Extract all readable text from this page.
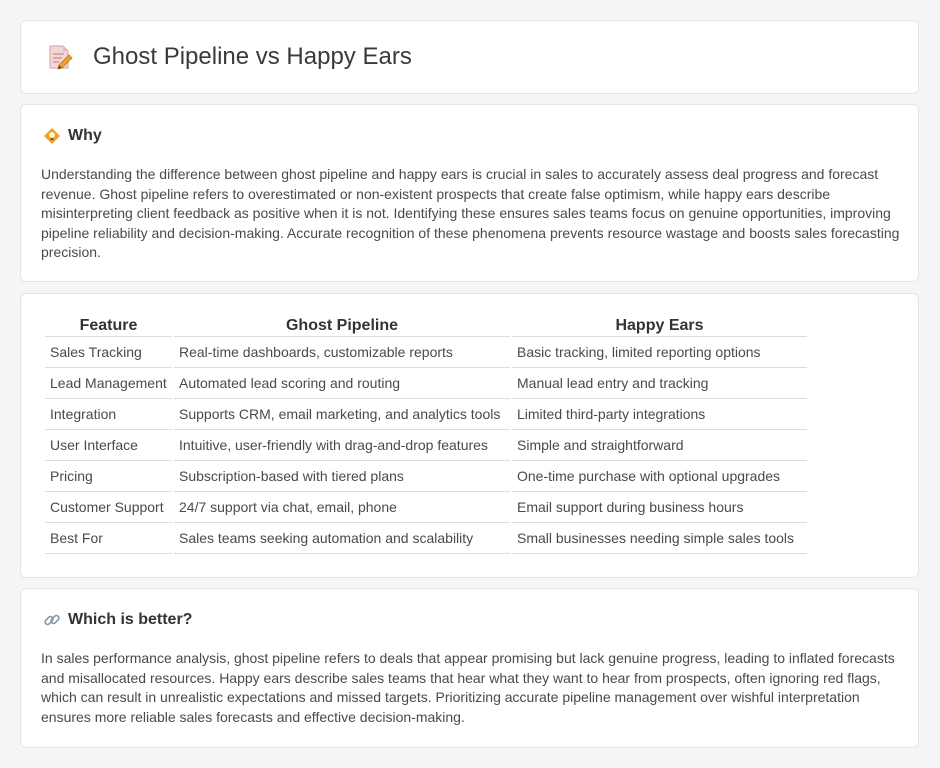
Ghost Pipeline vs Happy Ears
Why

Understanding the difference between ghost pipeline and happy ears is crucial in sales to accurately assess deal progress and forecast revenue. Ghost pipeline refers to overestimated or non-existent prospects that create false optimism, while happy ears describe misinterpreting client feedback as positive when it is not. Identifying these ensures sales teams focus on genuine opportunities, improving pipeline reliability and decision-making. Accurate recognition of these phenomena prevents resource wastage and boosts sales forecasting precision.

Feature	Ghost Pipeline	Happy Ears
Sales Tracking	Real-time dashboards, customizable reports	Basic tracking, limited reporting options
Lead Management	Automated lead scoring and routing	Manual lead entry and tracking
Integration	Supports CRM, email marketing, and analytics tools	Limited third-party integrations
User Interface	Intuitive, user-friendly with drag-and-drop features	Simple and straightforward
Pricing	Subscription-based with tiered plans	One-time purchase with optional upgrades
Customer Support	24/7 support via chat, email, phone	Email support during business hours
Best For	Sales teams seeking automation and scalability	Small businesses needing simple sales tools
Which is better?

In sales performance analysis, ghost pipeline refers to deals that appear promising but lack genuine progress, leading to inflated forecasts and misallocated resources. Happy ears describe sales teams that hear what they want to hear from prospects, often ignoring red flags, which can result in unrealistic expectations and missed targets. Prioritizing accurate pipeline management over wishful interpretation ensures more reliable sales forecasts and effective decision-making.
